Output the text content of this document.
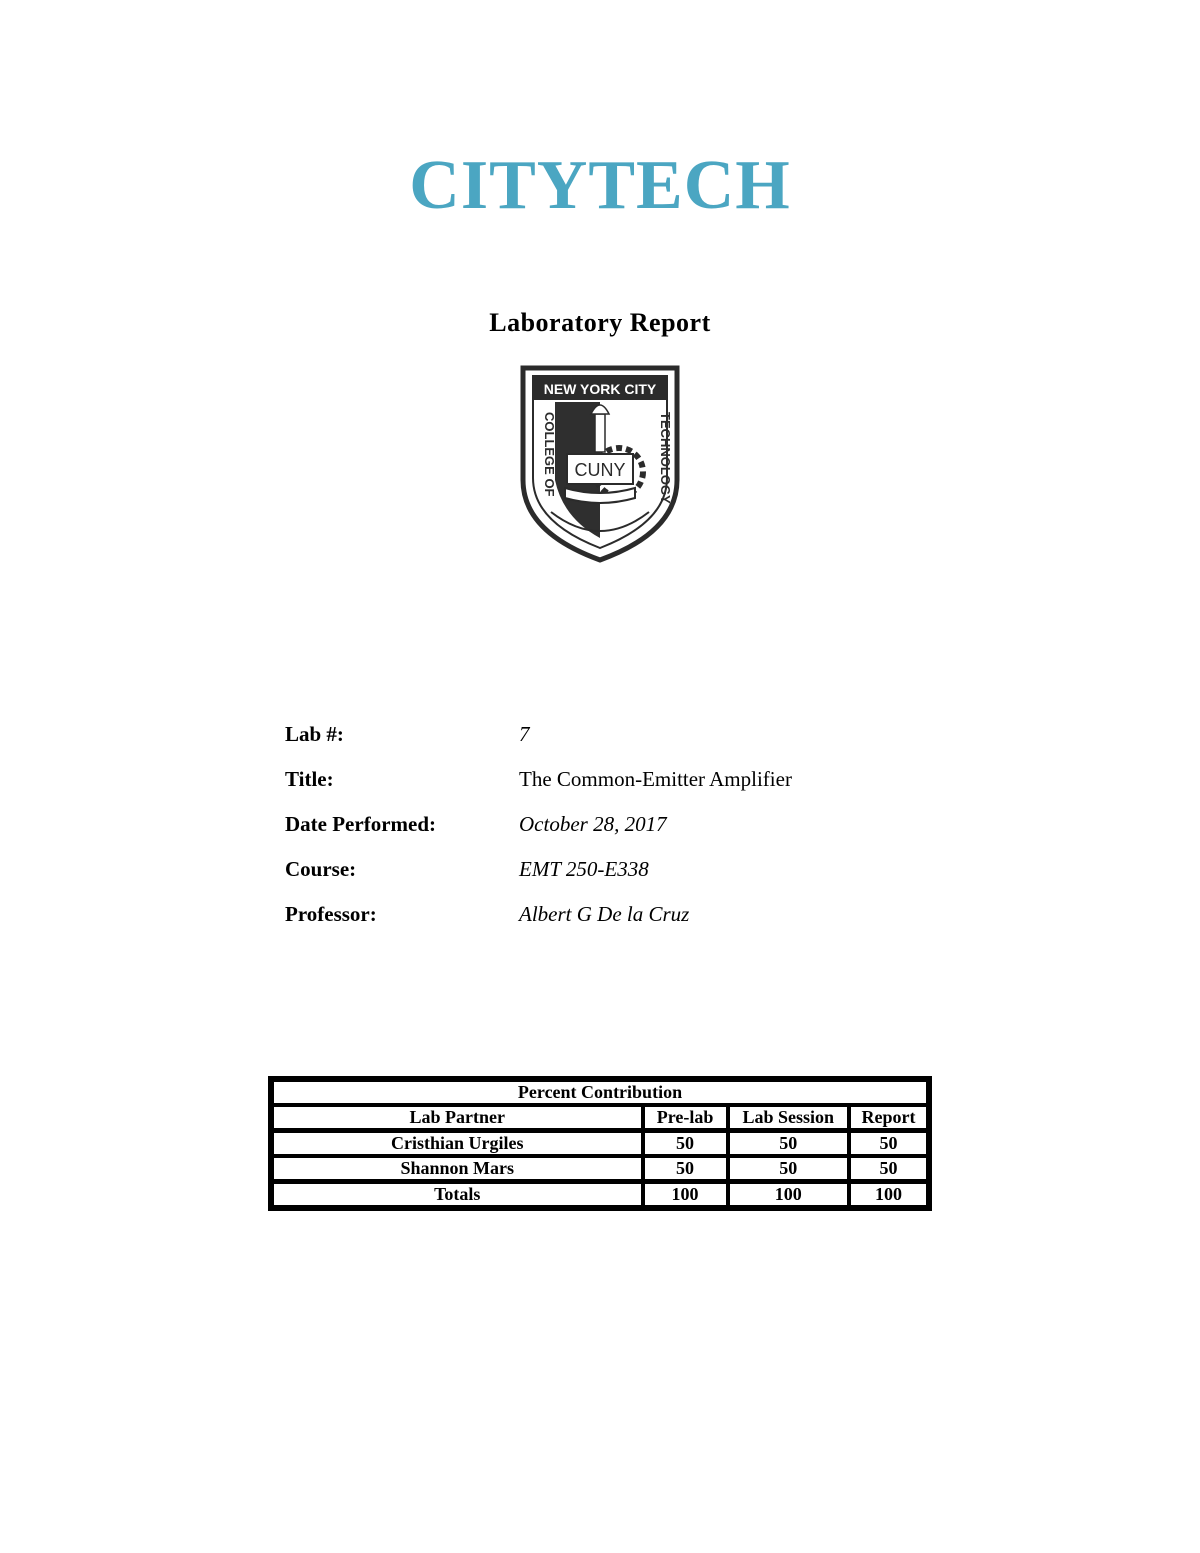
CITYTECH
Laboratory Report
NEW YORK CITY
COLLEGE OF	TECHNOLOGY
CUNY
Lab #:	7
Title:	The Common-Emitter Amplifier
Date Performed:	October 28, 2017
Course:	EMT 250-E338
Professor:	Albert G De la Cruz
Percent Contribution			
Lab Partner	Pre-lab	Lab Session	Report
Cristhian Urgiles	50	50	50
Shannon Mars	50	50	50
Totals	100	100	100
